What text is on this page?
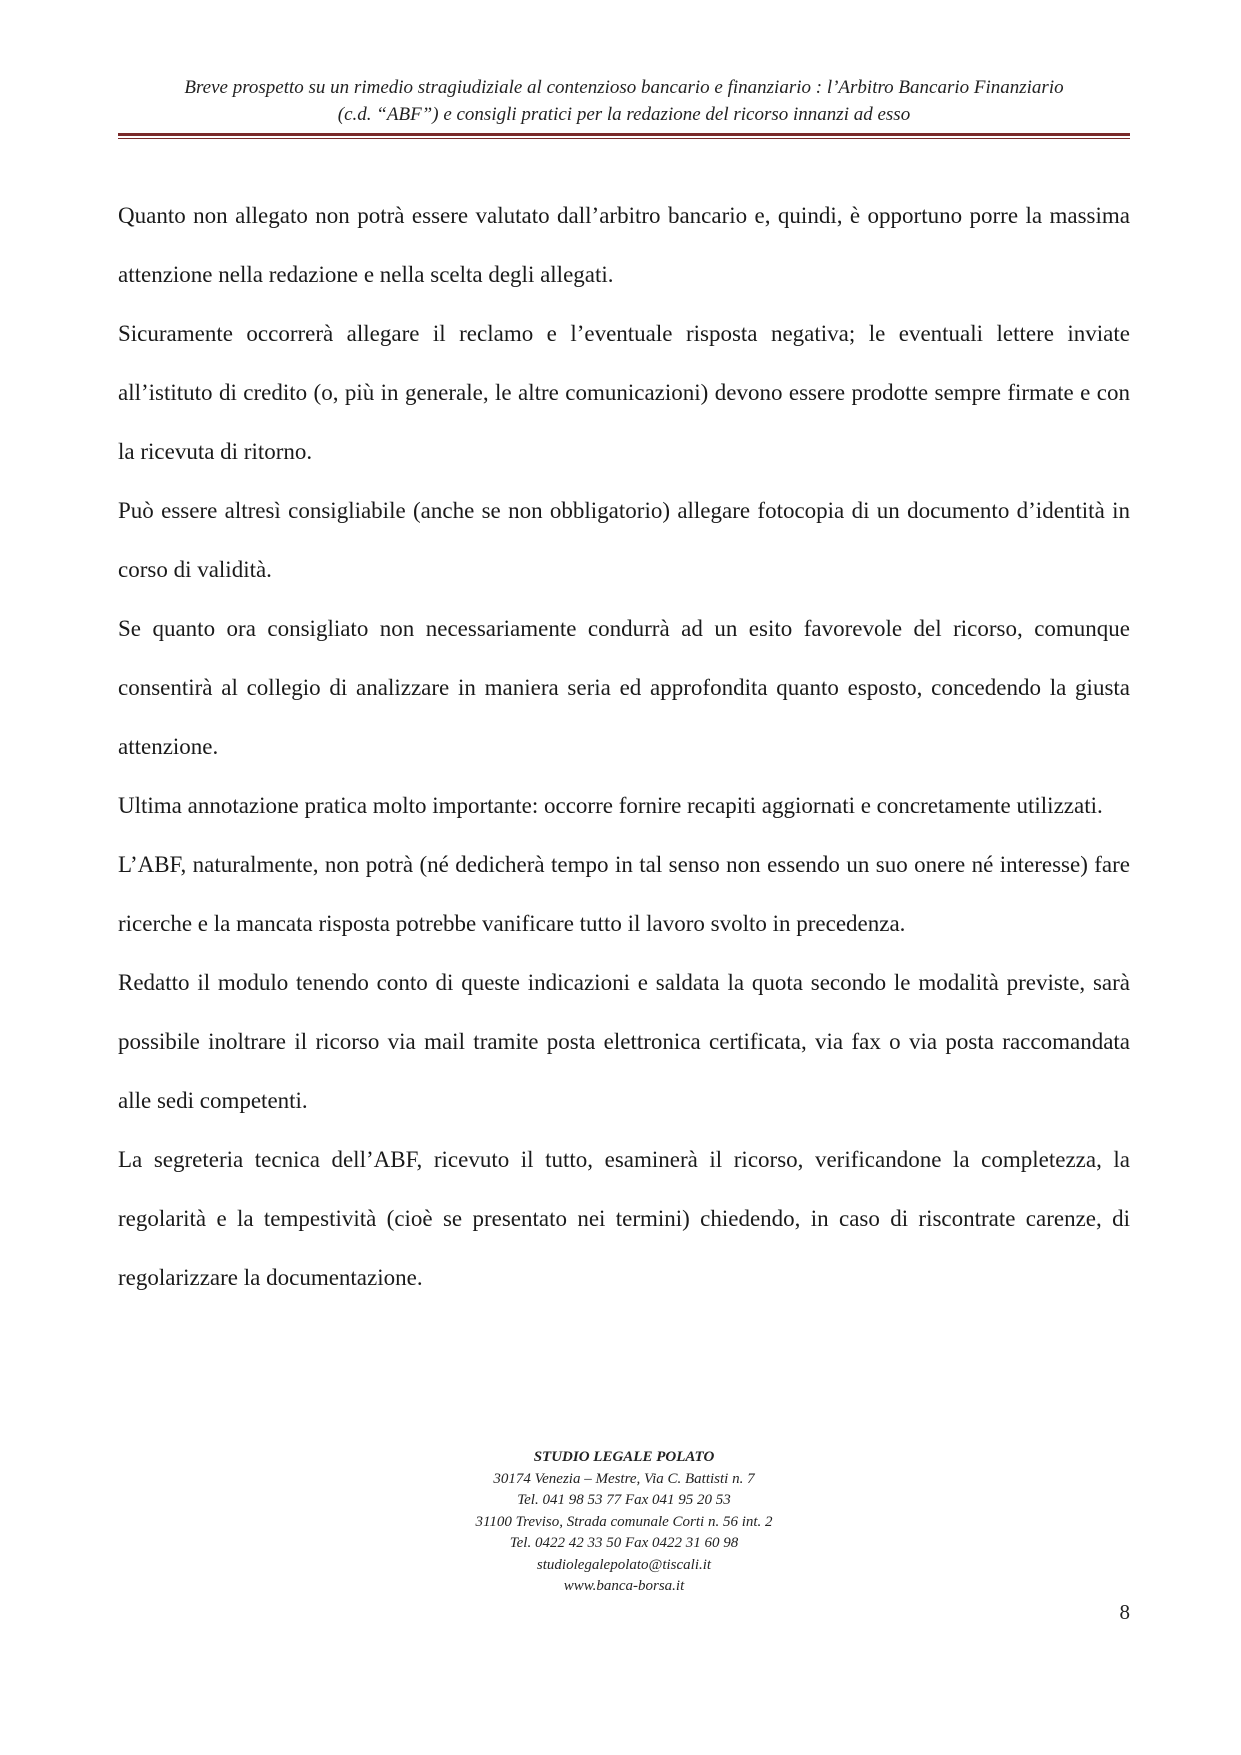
Breve prospetto su un rimedio stragiudiziale al contenzioso bancario e finanziario : l’Arbitro Bancario Finanziario
(c.d. “ABF”) e consigli pratici per la redazione del ricorso innanzi ad esso

Quanto non allegato non potrà essere valutato dall’arbitro bancario e, quindi, è opportuno porre la massima attenzione nella redazione e nella scelta degli allegati.

Sicuramente occorrerà allegare il reclamo e l’eventuale risposta negativa; le eventuali lettere inviate all’istituto di credito (o, più in generale, le altre comunicazioni) devono essere prodotte sempre firmate e con la ricevuta di ritorno.

Può essere altresì consigliabile (anche se non obbligatorio) allegare fotocopia di un documento d’identità in corso di validità.

Se quanto ora consigliato non necessariamente condurrà ad un esito favorevole del ricorso, comunque consentirà al collegio di analizzare in maniera seria ed approfondita quanto esposto, concedendo la giusta attenzione.

Ultima annotazione pratica molto importante: occorre fornire recapiti aggiornati e concretamente utilizzati.

L’ABF, naturalmente, non potrà (né dedicherà tempo in tal senso non essendo un suo onere né interesse) fare ricerche e la mancata risposta potrebbe vanificare tutto il lavoro svolto in precedenza.

Redatto il modulo tenendo conto di queste indicazioni e saldata la quota secondo le modalità previste, sarà possibile inoltrare il ricorso via mail tramite posta elettronica certificata, via fax o via posta raccomandata alle sedi competenti.

La segreteria tecnica dell’ABF, ricevuto il tutto, esaminerà il ricorso, verificandone la completezza, la regolarità e la tempestività (cioè se presentato nei termini) chiedendo, in caso di riscontrate carenze, di regolarizzare la documentazione.

STUDIO LEGALE POLATO
30174 Venezia – Mestre, Via C. Battisti n. 7
Tel. 041 98 53 77 Fax 041 95 20 53
31100 Treviso, Strada comunale Corti n. 56 int. 2
Tel. 0422 42 33 50 Fax 0422 31 60 98
studiolegalepolato@tiscali.it
www.banca-borsa.it
8
